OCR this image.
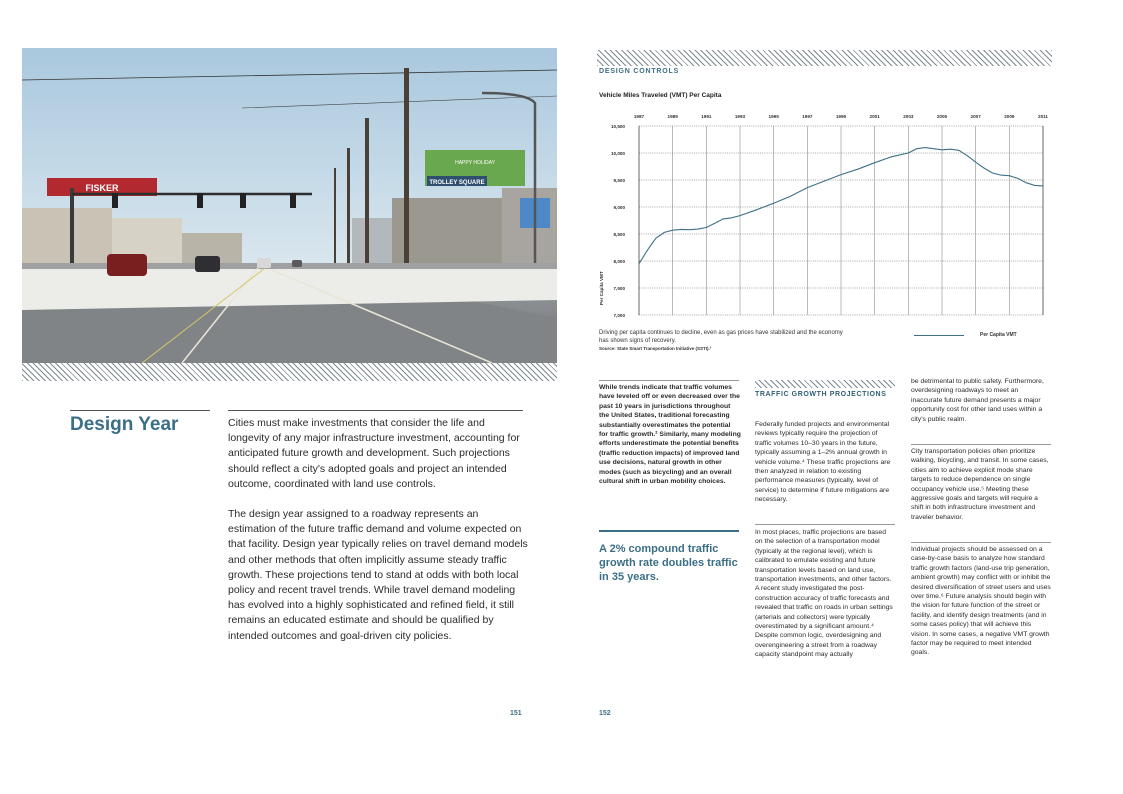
FISKER
HAPPY HOLIDAY
TROLLEY SQUARE
Design Year	Cities must make investments that consider the life and longevity of any major infrastructure investment, accounting for anticipated future growth and development. Such projections should reflect a city's adopted goals and project an intended outcome, coordinated with land use controls.

The design year assigned to a roadway represents an estimation of the future traffic demand and volume expected on that facility. Design year typically relies on travel demand models and other methods that often implicitly assume steady traffic growth. These projections tend to stand at odds with both local policy and recent travel trends. While travel demand modeling has evolved into a highly sophisticated and refined field, it still remains an educated estimate and should be qualified by intended outcomes and goal-driven city policies.

151
DESIGN CONTROLS
Vehicle Miles Traveled (VMT) Per Capita
10,500
10,000
9,500
9,000
8,500
8,000
7,500
7,000
1987	1989	1991	1993	1995	1997	1999	2001	2003	2005	2007	2009	2011
Per Capita VMT
Driving per capita continues to decline, even as gas prices have stabilized and the economy has shown signs of recovery.
Source: State Smart Transportation Initiative (SSTI).³
Per Capita VMT
While trends indicate that traffic volumes have leveled off or even decreased over the past 10 years in jurisdictions throughout the United States, traditional forecasting substantially overestimates the potential for traffic growth.² Similarly, many modeling efforts underestimate the potential benefits (traffic reduction impacts) of improved land use decisions, natural growth in other modes (such as bicycling) and an overall cultural shift in urban mobility choices.
A 2% compound traffic growth rate doubles traffic in 35 years.
TRAFFIC GROWTH PROJECTIONS
Federally funded projects and environmental reviews typically require the projection of traffic volumes 10–30 years in the future, typically assuming a 1–2% annual growth in vehicle volume.⁴ These traffic projections are then analyzed in relation to existing performance measures (typically, level of service) to determine if future mitigations are necessary.
In most places, traffic projections are based on the selection of a transportation model (typically at the regional level), which is calibrated to emulate existing and future transportation levels based on land use, transportation investments, and other factors. A recent study investigated the post-construction accuracy of traffic forecasts and revealed that traffic on roads in urban settings (arterials and collectors) were typically overestimated by a significant amount.⁴ Despite common logic, overdesigning and overengineering a street from a roadway capacity standpoint may actually
be detrimental to public safety. Furthermore, overdesigning roadways to meet an inaccurate future demand presents a major opportunity cost for other land uses within a city's public realm.
City transportation policies often prioritize walking, bicycling, and transit. In some cases, cities aim to achieve explicit mode share targets to reduce dependence on single occupancy vehicle use.⁵ Meeting these aggressive goals and targets will require a shift in both infrastructure investment and traveler behavior.
Individual projects should be assessed on a case-by-case basis to analyze how standard traffic growth factors (land-use trip generation, ambient growth) may conflict with or inhibit the desired diversification of street users and uses over time.⁶ Future analysis should begin with the vision for future function of the street or facility, and identify design treatments (and in some cases policy) that will achieve this vision. In some cases, a negative VMT growth factor may be required to meet intended goals.
152
